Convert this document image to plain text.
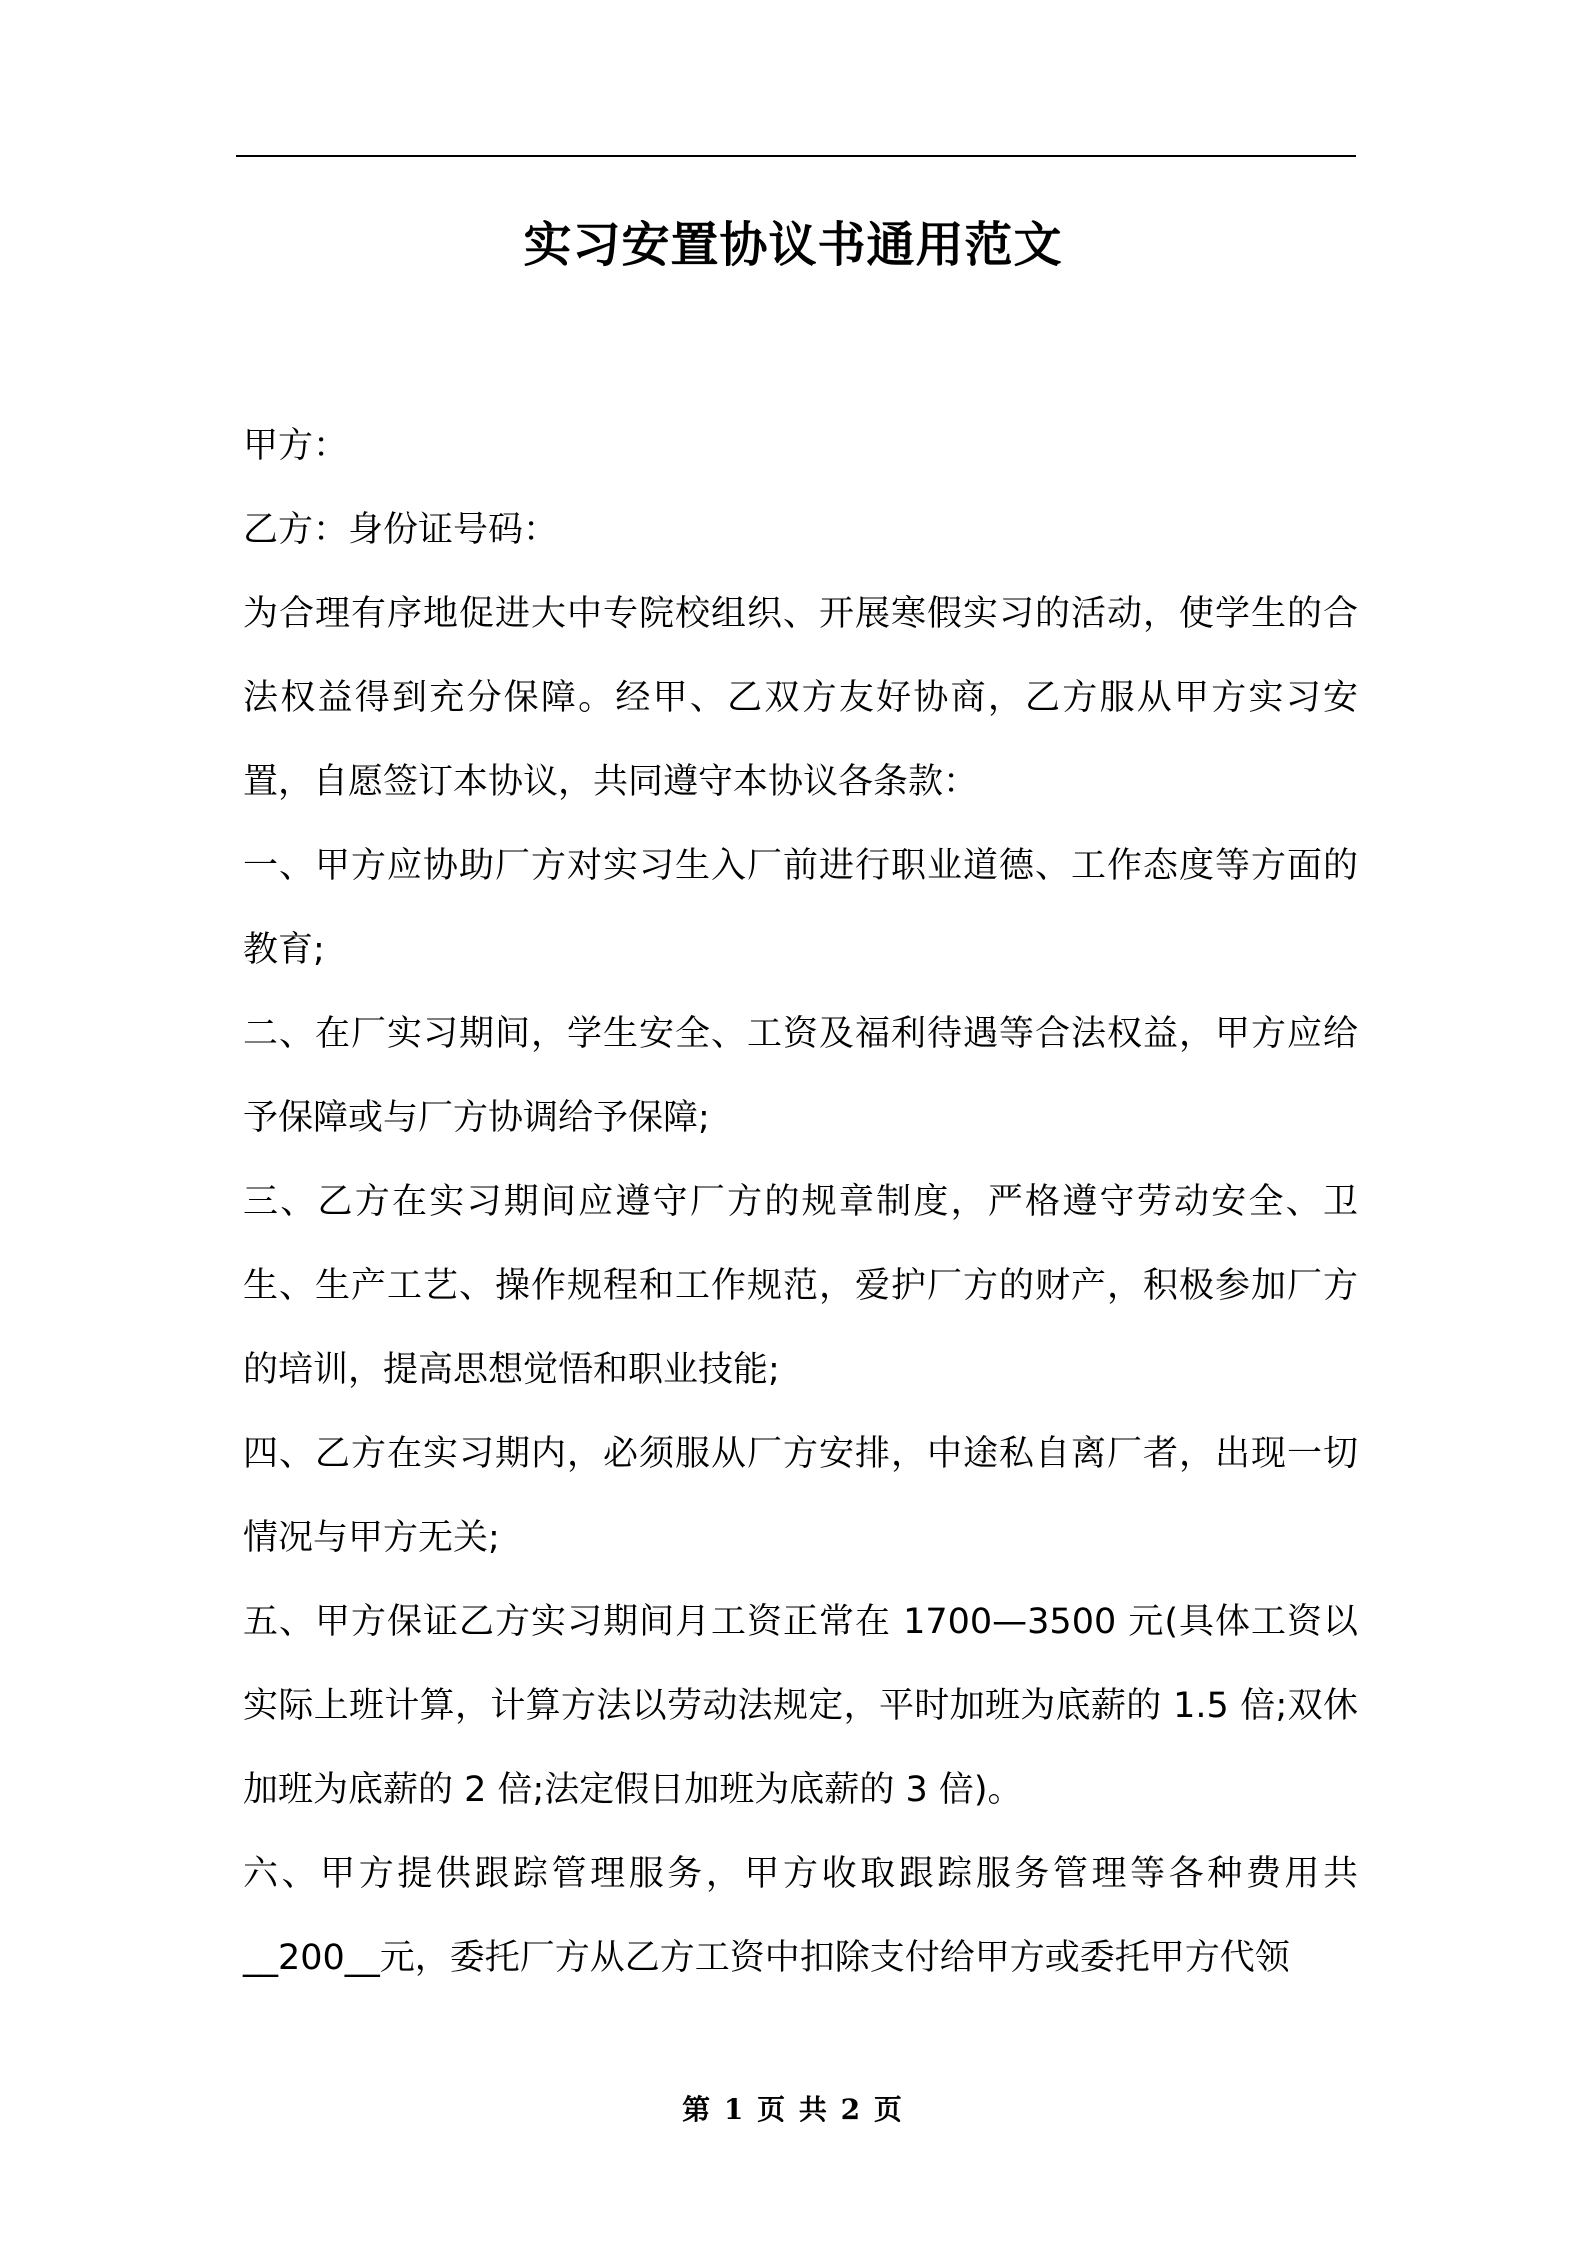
实习安置协议书通用范文

甲方：

乙方：身份证号码：

为合理有序地促进大中专院校组织、开展寒假实习的活动，使学生的合法权益得到充分保障。经甲、乙双方友好协商，乙方服从甲方实习安置，自愿签订本协议，共同遵守本协议各条款：

一、甲方应协助厂方对实习生入厂前进行职业道德、工作态度等方面的教育;

二、在厂实习期间，学生安全、工资及福利待遇等合法权益，甲方应给予保障或与厂方协调给予保障;

三、乙方在实习期间应遵守厂方的规章制度，严格遵守劳动安全、卫生、生产工艺、操作规程和工作规范，爱护厂方的财产，积极参加厂方的培训，提高思想觉悟和职业技能;

四、乙方在实习期内，必须服从厂方安排，中途私自离厂者，出现一切情况与甲方无关;

五、甲方保证乙方实习期间月工资正常在 1700—3500 元(具体工资以实际上班计算，计算方法以劳动法规定，平时加班为底薪的 1.5 倍;双休加班为底薪的 2 倍;法定假日加班为底薪的 3 倍)。

六、甲方提供跟踪管理服务，甲方收取跟踪服务管理等各种费用共__200__元，委托厂方从乙方工资中扣除支付给甲方或委托甲方代领

第 1 页 共 2 页
